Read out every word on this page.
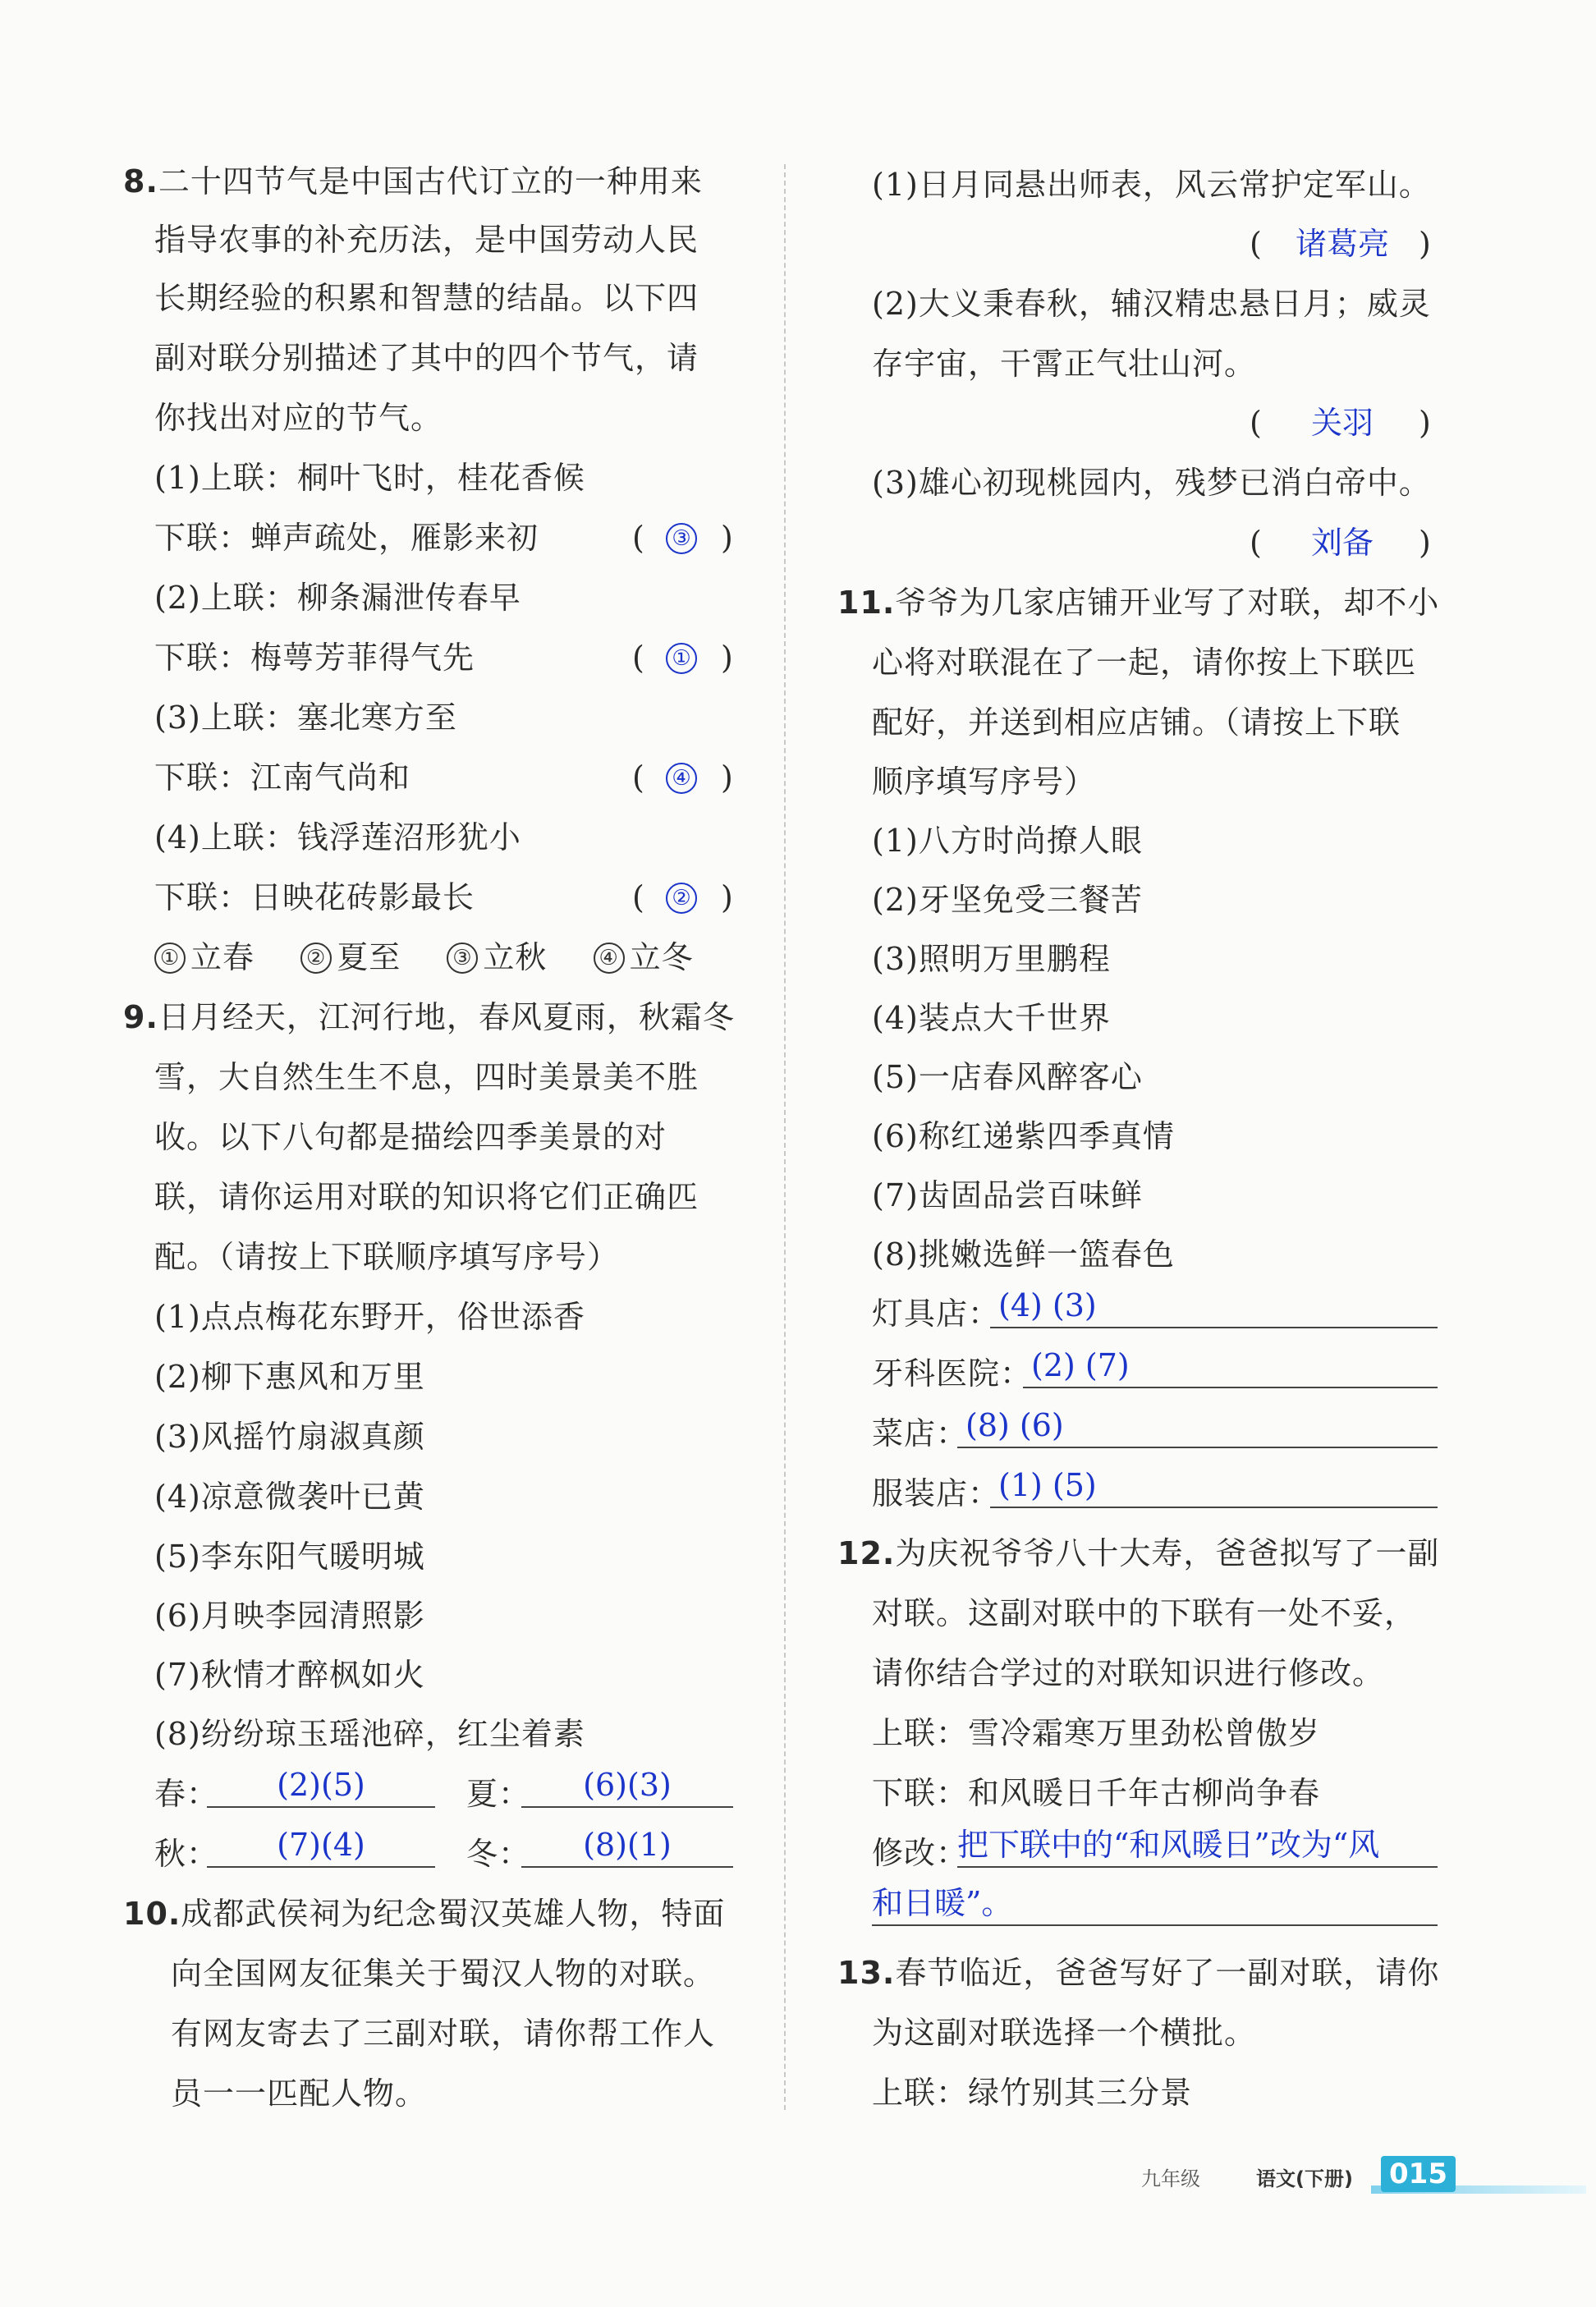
8.二十四节气是中国古代订立的一种用来
指导农事的补充历法，是中国劳动人民
长期经验的积累和智慧的结晶。以下四
副对联分别描述了其中的四个节气，请
你找出对应的节气。
(1)上联：桐叶飞时，桂花香候
下联：蝉声疏处，雁影来初	(	③ )
(2)上联：柳条漏泄传春早
下联：梅萼芳菲得气先	(	① )
(3)上联：塞北寒方至
下联：江南气尚和	(	④ )
(4)上联：钱浮莲沼形犹小
下联：日映花砖影最长	(	② )
① 立春 ② 夏至 ③ 立秋 ④ 立冬
9.日月经天，江河行地，春风夏雨，秋霜冬
雪，大自然生生不息，四时美景美不胜
收。以下八句都是描绘四季美景的对
联，请你运用对联的知识将它们正确匹
配。（请按上下联顺序填写序号）
(1)点点梅花东野开，俗世添香
(2)柳下惠风和万里
(3)风摇竹扇淑真颜
(4)凉意微袭叶已黄
(5)李东阳气暖明城
(6)月映李园清照影
(7)秋情才醉枫如火
(8)纷纷琼玉瑶池碎，红尘着素
春：	(2)(5)	夏：	(6)(3)
秋：	(7)(4)	冬：	(8)(1)
10.成都武侯祠为纪念蜀汉英雄人物，特面
向全国网友征集关于蜀汉人物的对联。
有网友寄去了三副对联，请你帮工作人
员一一匹配人物。
(1)日月同悬出师表，风云常护定军山。
(	诸葛亮 )
(2)大义秉春秋，辅汉精忠悬日月；威灵
存宇宙，干霄正气壮山河。
(	关羽	)
(3)雄心初现桃园内，残梦已消白帝中。
(	刘备	)
11.爷爷为几家店铺开业写了对联，却不小
心将对联混在了一起，请你按上下联匹
配好，并送到相应店铺。（请按上下联
顺序填写序号）
(1)八方时尚撩人眼
(2)牙坚免受三餐苦
(3)照明万里鹏程
(4)装点大千世界
(5)一店春风醉客心
(6)称红递紫四季真情
(7)齿固品尝百味鲜
(8)挑嫩选鲜一篮春色
灯具店：
(4) (3)
牙科医院：
(2) (7)
菜店：
(8) (6)
服装店：
(1) (5)
12.为庆祝爷爷八十大寿，爸爸拟写了一副
对联。这副对联中的下联有一处不妥，
请你结合学过的对联知识进行修改。
上联：雪冷霜寒万里劲松曾傲岁
下联：和风暖日千年古柳尚争春
修改：
把下联中的“和风暖日”改为“风
和日暖”。
13.春节临近，爸爸写好了一副对联，请你
为这副对联选择一个横批。
上联：绿竹别其三分景
九年级	语文(下册) 015
